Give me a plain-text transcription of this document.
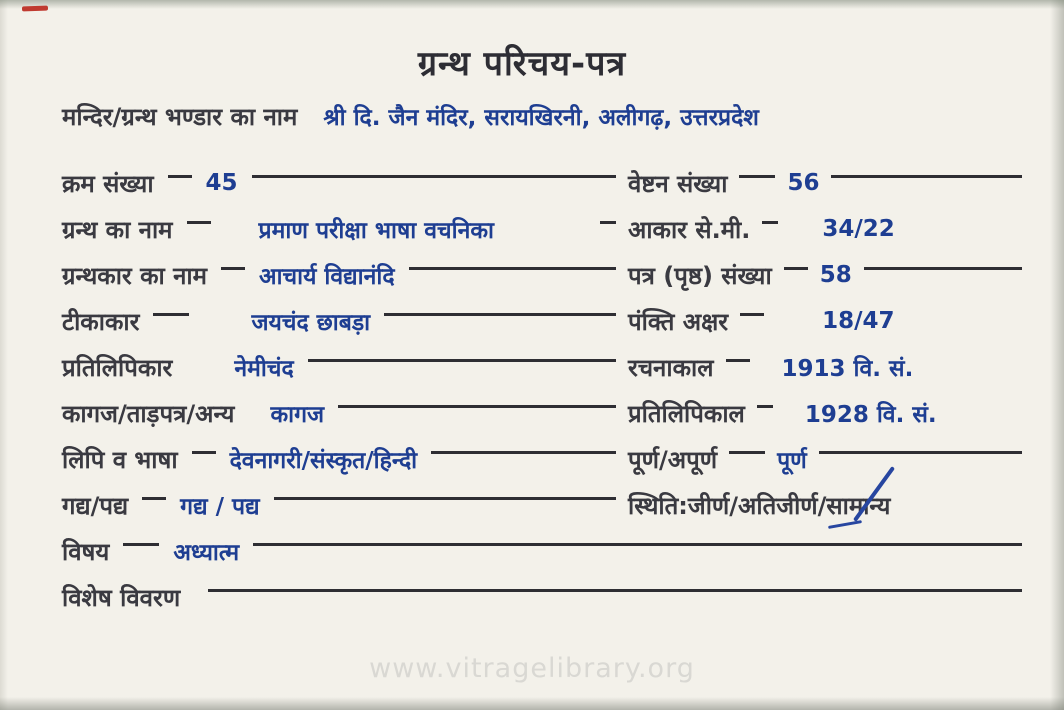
ग्रन्थ परिचय-पत्र
मन्दिर/ग्रन्थ भण्डार का नाम श्री दि. जैन मंदिर, सरायखिरनी, अलीगढ़, उत्तरप्रदेश
क्रम संख्या 45	वेष्टन संख्या	56
ग्रन्थ का नाम	प्रमाण परीक्षा भाषा वचनिका	आकार से.मी.	34/22
ग्रन्थकार का नाम आचार्य विद्यानंदि	पत्र (पृष्ठ) संख्या 58
टीकाकार	जयचंद छाबड़ा	पंक्ति अक्षर	18/47
प्रतिलिपिकार	नेमीचंद	रचनाकाल	1913 वि. सं.
कागज/ताड़पत्र/अन्य कागज	प्रतिलिपिकाल	1928 वि. सं.
लिपि व भाषा देवनागरी/संस्कृत/हिन्दी	पूर्ण/अपूर्ण	पूर्ण
गद्य/पद्य गद्य / पद्य	स्थिति:जीर्ण/अतिजीर्ण/सामान्य
विषय	अध्यात्म
विशेष विवरण
www.vitragelibrary.org
